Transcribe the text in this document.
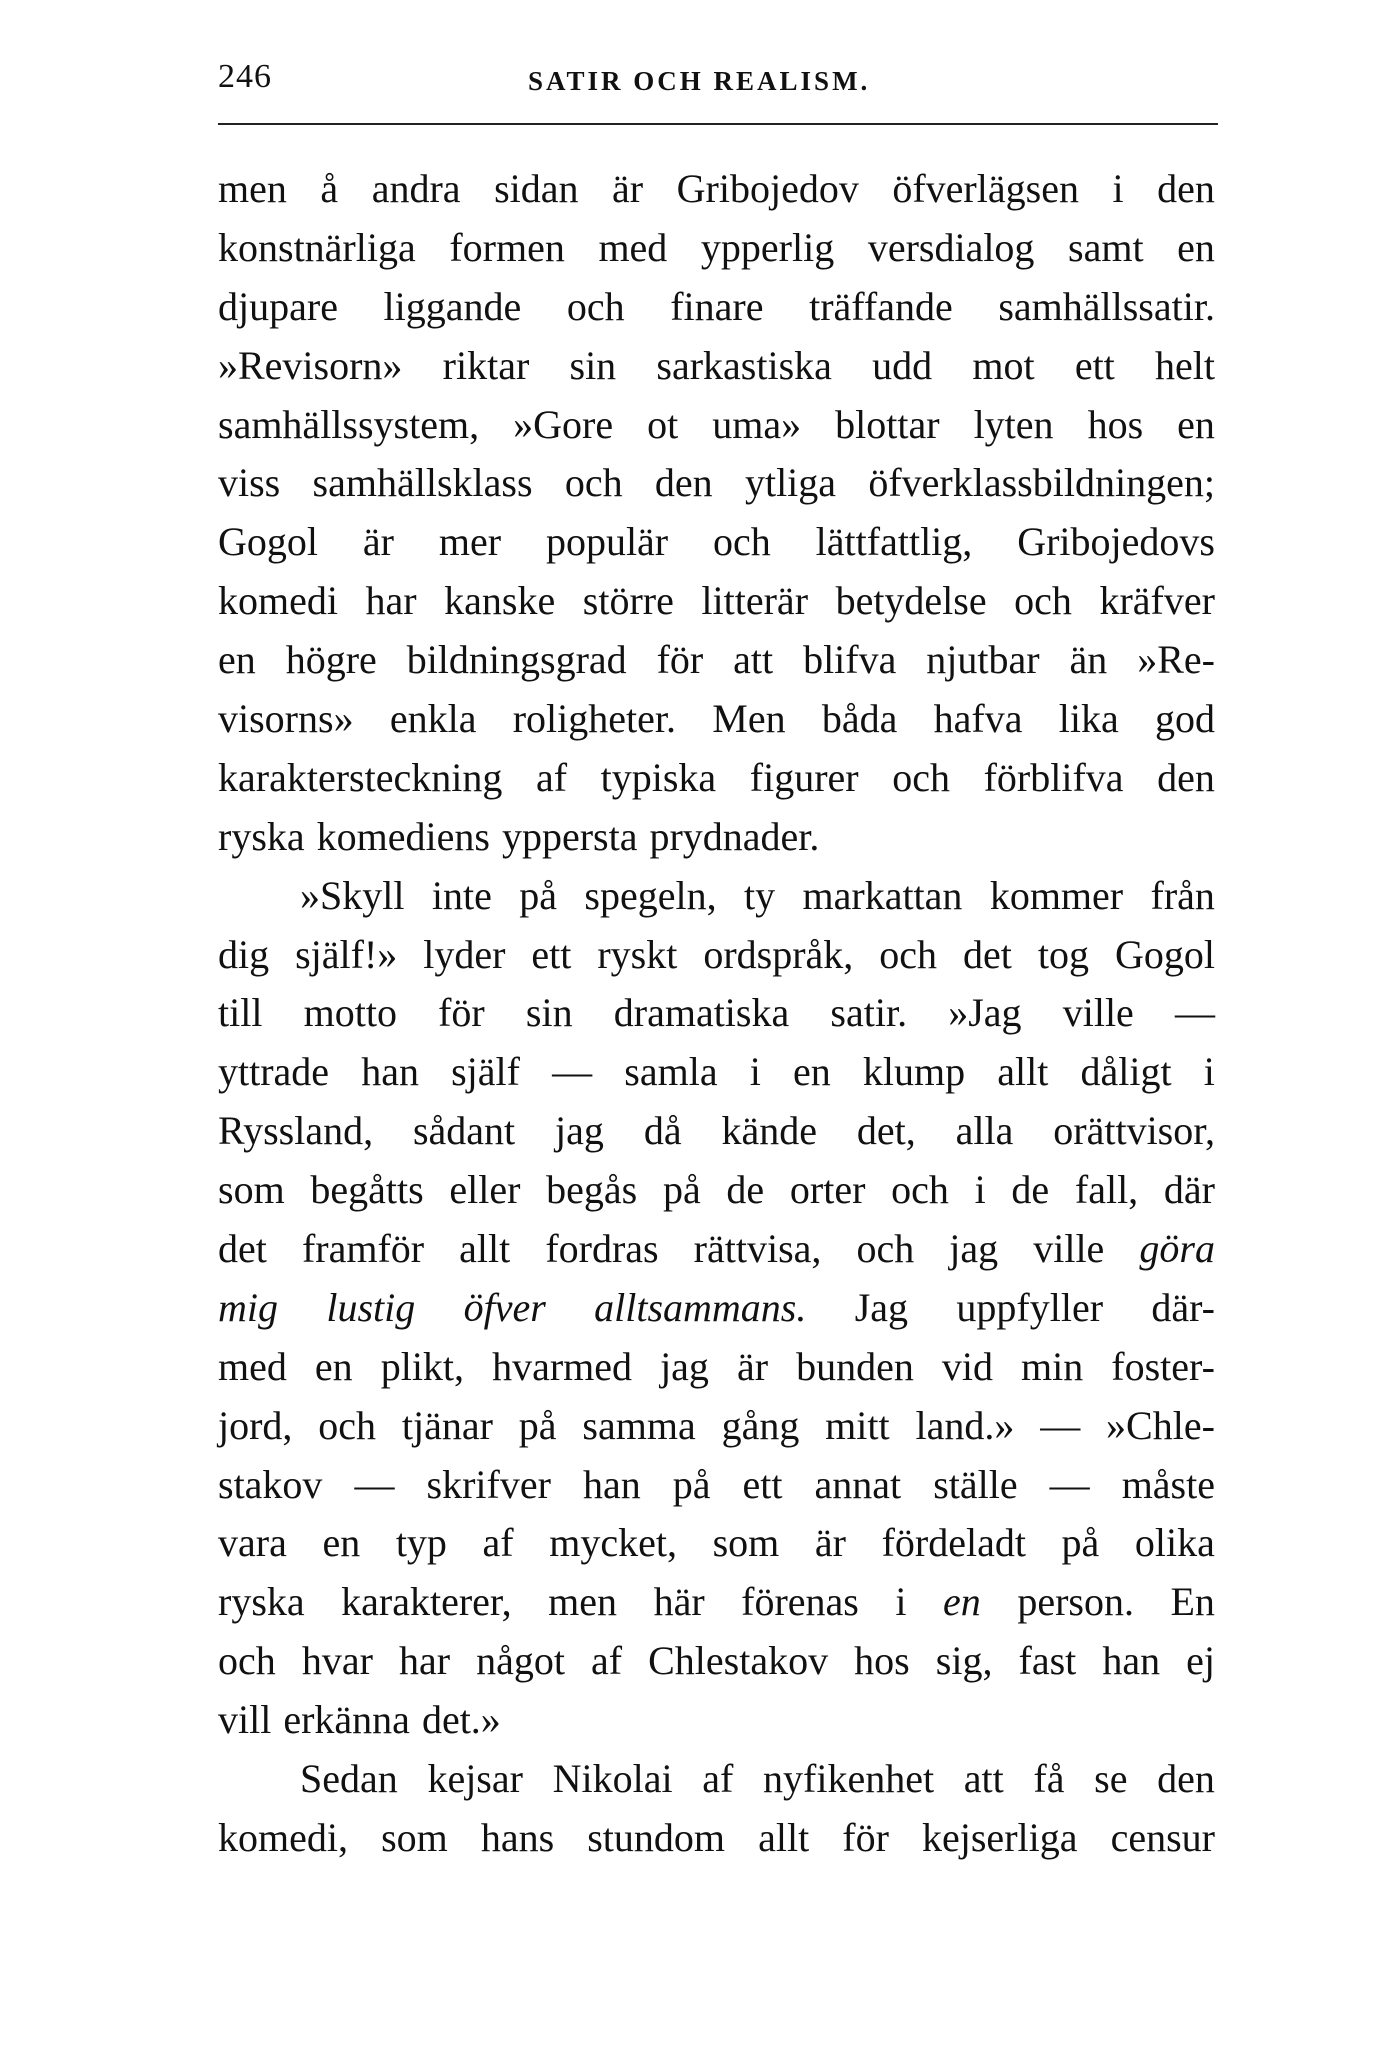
246	SATIR OCH REALISM.
men å andra sidan är Gribojedov öfverlägsen i den
konstnärliga formen med ypperlig versdialog samt en
djupare liggande och finare träffande samhällssatir.
»Revisorn» riktar sin sarkastiska udd mot ett helt
samhällssystem, »Gore ot uma» blottar lyten hos en
viss samhällsklass och den ytliga öfverklassbildningen;
Gogol är mer populär och lättfattlig, Gribojedovs
komedi har kanske större litterär betydelse och kräfver
en högre bildningsgrad för att blifva njutbar än »Re-
visorns» enkla roligheter. Men båda hafva lika god
karaktersteckning af typiska figurer och förblifva den
ryska komediens yppersta prydnader.
»Skyll inte på spegeln, ty markattan kommer från
dig själf!» lyder ett ryskt ordspråk, och det tog Gogol
till motto för sin dramatiska satir. »Jag ville —
yttrade han själf — samla i en klump allt dåligt i
Ryssland, sådant jag då kände det, alla orättvisor,
som begåtts eller begås på de orter och i de fall, där
det framför allt fordras rättvisa, och jag ville göra
mig lustig öfver alltsammans. Jag uppfyller där-
med en plikt, hvarmed jag är bunden vid min foster-
jord, och tjänar på samma gång mitt land.» — »Chle-
stakov — skrifver han på ett annat ställe — måste
vara en typ af mycket, som är fördeladt på olika
ryska karakterer, men här förenas i en person. En
och hvar har något af Chlestakov hos sig, fast han ej
vill erkänna det.»
Sedan kejsar Nikolai af nyfikenhet att få se den
komedi, som hans stundom allt för kejserliga censur
